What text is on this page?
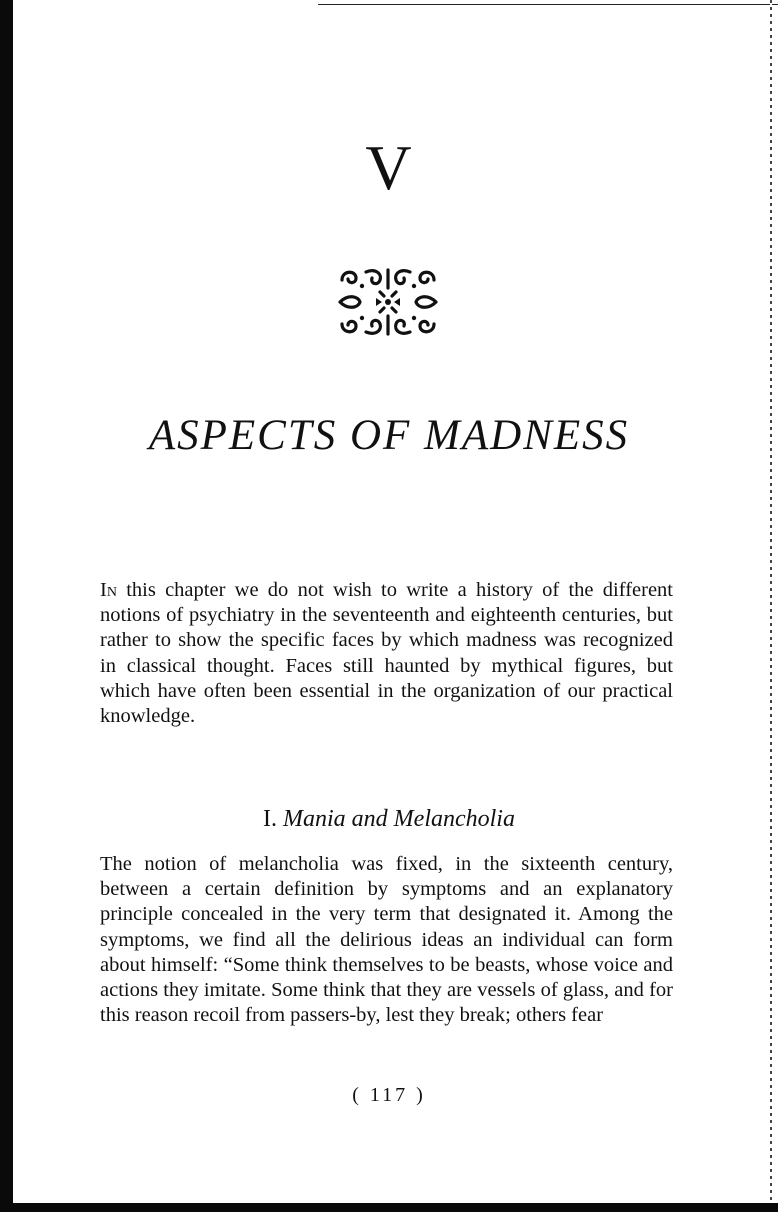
V
ASPECTS OF MADNESS
In this chapter we do not wish to write a history of the different notions of psychiatry in the seventeenth and eighteenth centuries, but rather to show the specific faces by which madness was recognized in classical thought. Faces still haunted by mythical figures, but which have often been essential in the organization of our practical knowledge.
I. Mania and Melancholia
The notion of melancholia was fixed, in the sixteenth century, between a certain definition by symptoms and an explanatory principle concealed in the very term that designated it. Among the symptoms, we find all the delirious ideas an individual can form about himself: “Some think themselves to be beasts, whose voice and actions they imitate. Some think that they are vessels of glass, and for this reason recoil from passers-by, lest they break; others fear
( 117 )
